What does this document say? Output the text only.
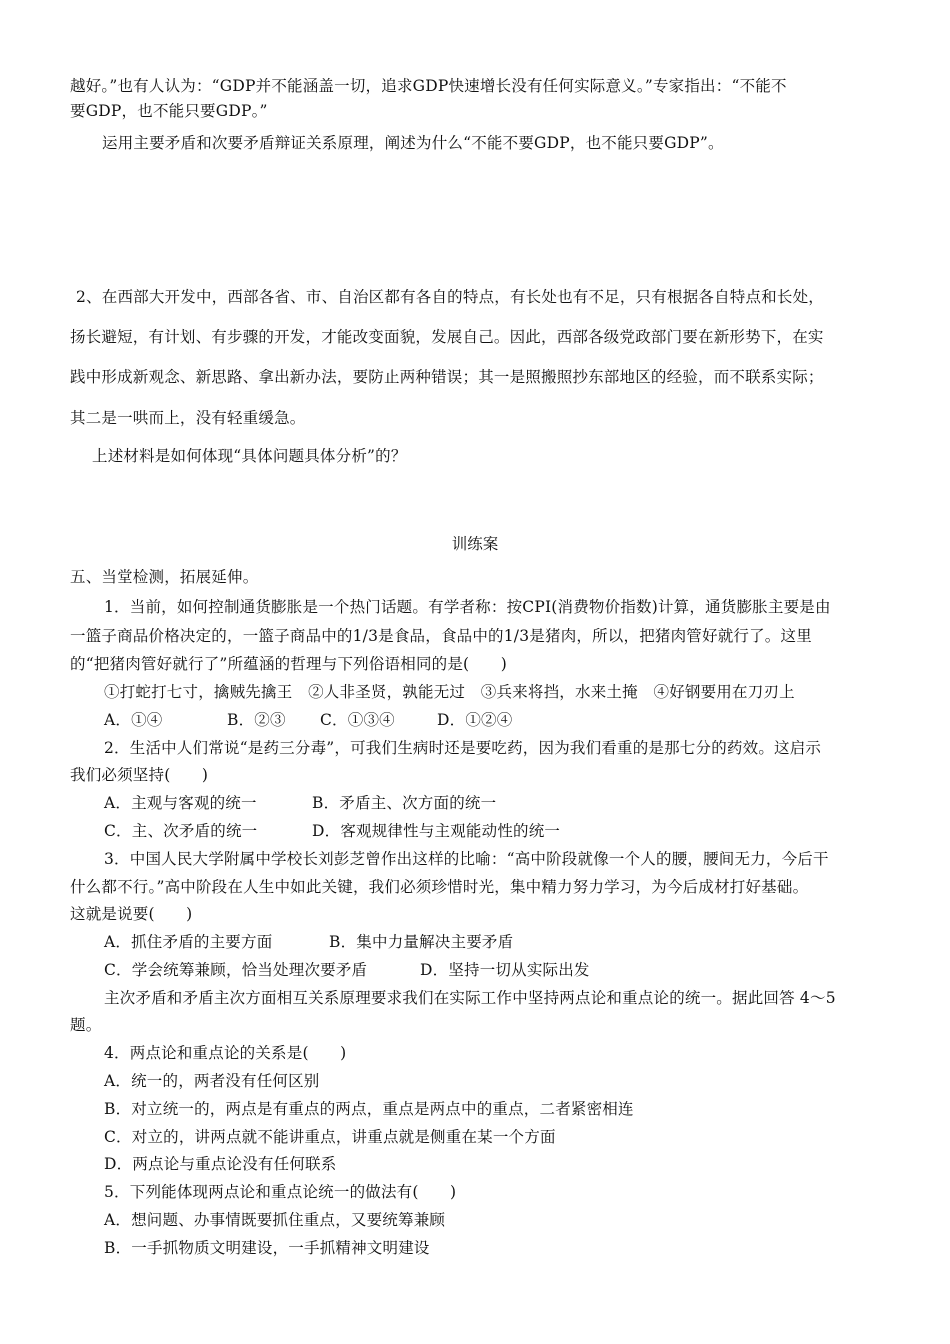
越好。”也有人认为：“GDP并不能涵盖一切，追求GDP快速增长没有任何实际意义。”专家指出：“不能不
要GDP，也不能只要GDP。”
运用主要矛盾和次要矛盾辩证关系原理，阐述为什么“不能不要GDP，也不能只要GDP”。
2、在西部大开发中，西部各省、市、自治区都有各自的特点，有长处也有不足，只有根据各自特点和长处，
扬长避短，有计划、有步骤的开发，才能改变面貌，发展自己。因此，西部各级党政部门要在新形势下，在实
践中形成新观念、新思路、拿出新办法，要防止两种错误；其一是照搬照抄东部地区的经验，而不联系实际；
其二是一哄而上，没有轻重缓急。
上述材料是如何体现“具体问题具体分析”的？
训练案
五、当堂检测，拓展延伸。
1．当前，如何控制通货膨胀是一个热门话题。有学者称：按CPI(消费物价指数)计算，通货膨胀主要是由
一篮子商品价格决定的，一篮子商品中的1/3是食品，食品中的1/3是猪肉，所以，把猪肉管好就行了。这里
的“把猪肉管好就行了”所蕴涵的哲理与下列俗语相同的是(　　)
①打蛇打七寸，擒贼先擒王　②人非圣贤，孰能无过　③兵来将挡，水来土掩　④好钢要用在刀刃上
A．①④	B．②③ C．①③④	D．①②④
2．生活中人们常说“是药三分毒”，可我们生病时还是要吃药，因为我们看重的是那七分的药效。这启示
我们必须坚持(　　)
A．主观与客观的统一	B．矛盾主、次方面的统一
C．主、次矛盾的统一	D．客观规律性与主观能动性的统一
3．中国人民大学附属中学校长刘彭芝曾作出这样的比喻：“高中阶段就像一个人的腰，腰间无力，今后干
什么都不行。”高中阶段在人生中如此关键，我们必须珍惜时光，集中精力努力学习，为今后成材打好基础。
这就是说要(　　)
A．抓住矛盾的主要方面	B．集中力量解决主要矛盾
C．学会统筹兼顾，恰当处理次要矛盾	D．坚持一切从实际出发
主次矛盾和矛盾主次方面相互关系原理要求我们在实际工作中坚持两点论和重点论的统一。据此回答 4～5
题。
4．两点论和重点论的关系是(　　)
A．统一的，两者没有任何区别
B．对立统一的，两点是有重点的两点，重点是两点中的重点，二者紧密相连
C．对立的，讲两点就不能讲重点，讲重点就是侧重在某一个方面
D．两点论与重点论没有任何联系
5．下列能体现两点论和重点论统一的做法有(　　)
A．想问题、办事情既要抓住重点，又要统筹兼顾
B．一手抓物质文明建设，一手抓精神文明建设
